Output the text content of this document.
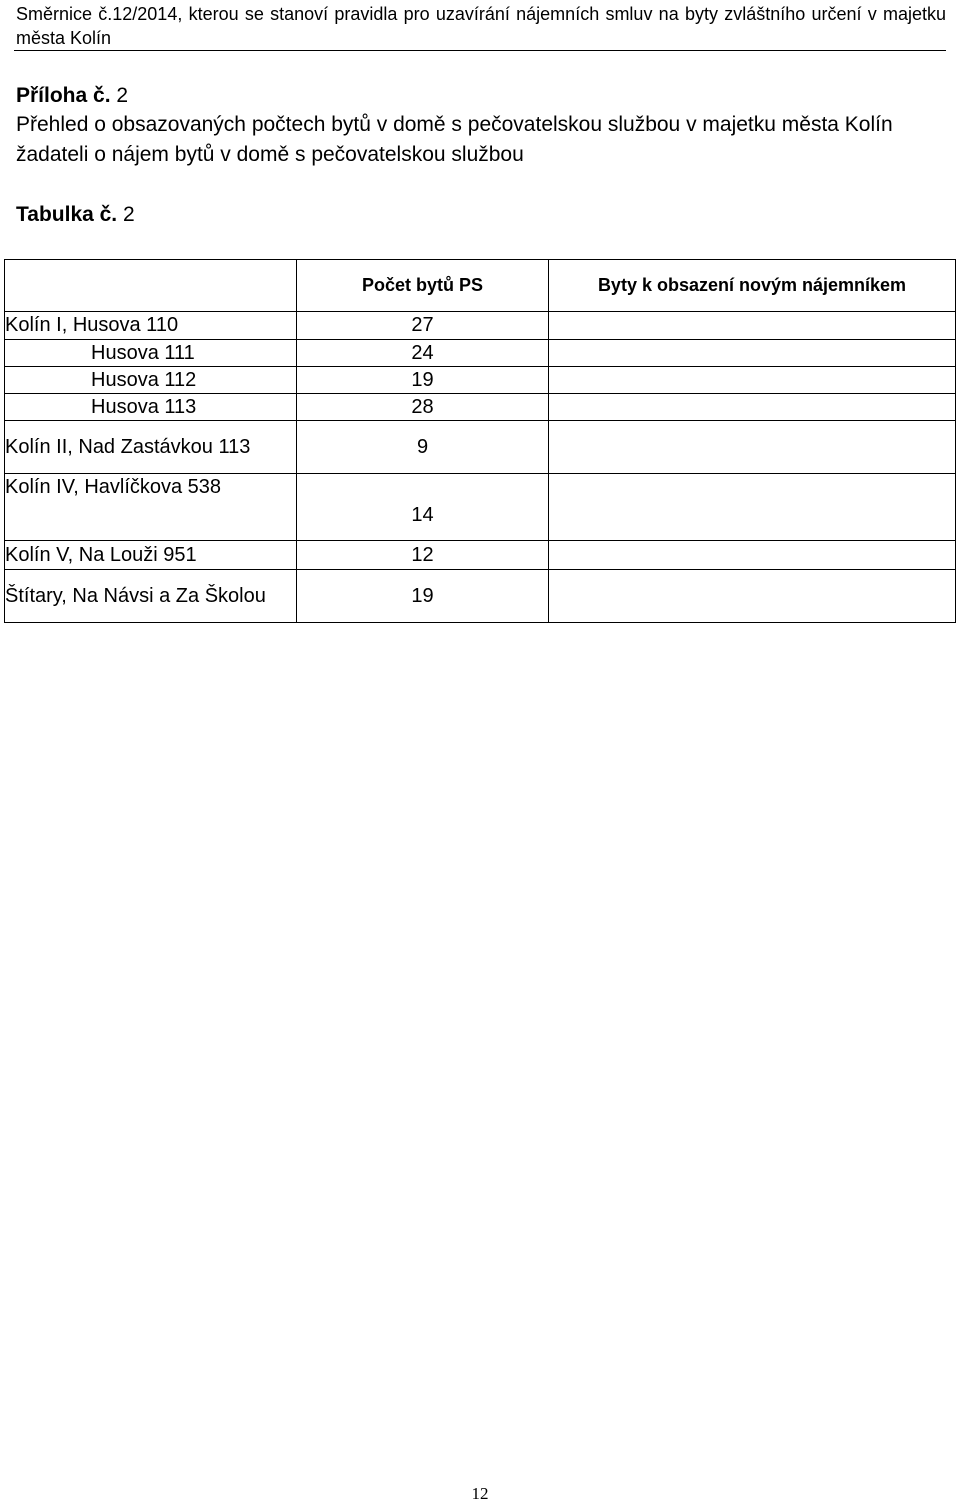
Směrnice č.12/2014, kterou se stanoví pravidla pro uzavírání nájemních smluv na byty zvláštního určení v majetku města Kolín
Příloha č. 2
Přehled o obsazovaných počtech bytů v domě s pečovatelskou službou v majetku města Kolín žadateli o nájem bytů v domě s pečovatelskou službou
Tabulka č. 2
	Počet bytů PS	Byty k obsazení novým nájemníkem
Kolín I, Husova 110	27	
Husova 111	24	
Husova 112	19	
Husova 113	28	
Kolín II, Nad Zastávkou 113	9	
Kolín IV, Havlíčkova 538	14	
Kolín V, Na Louži 951	12	
Štítary, Na Návsi a Za Školou	19	
12
